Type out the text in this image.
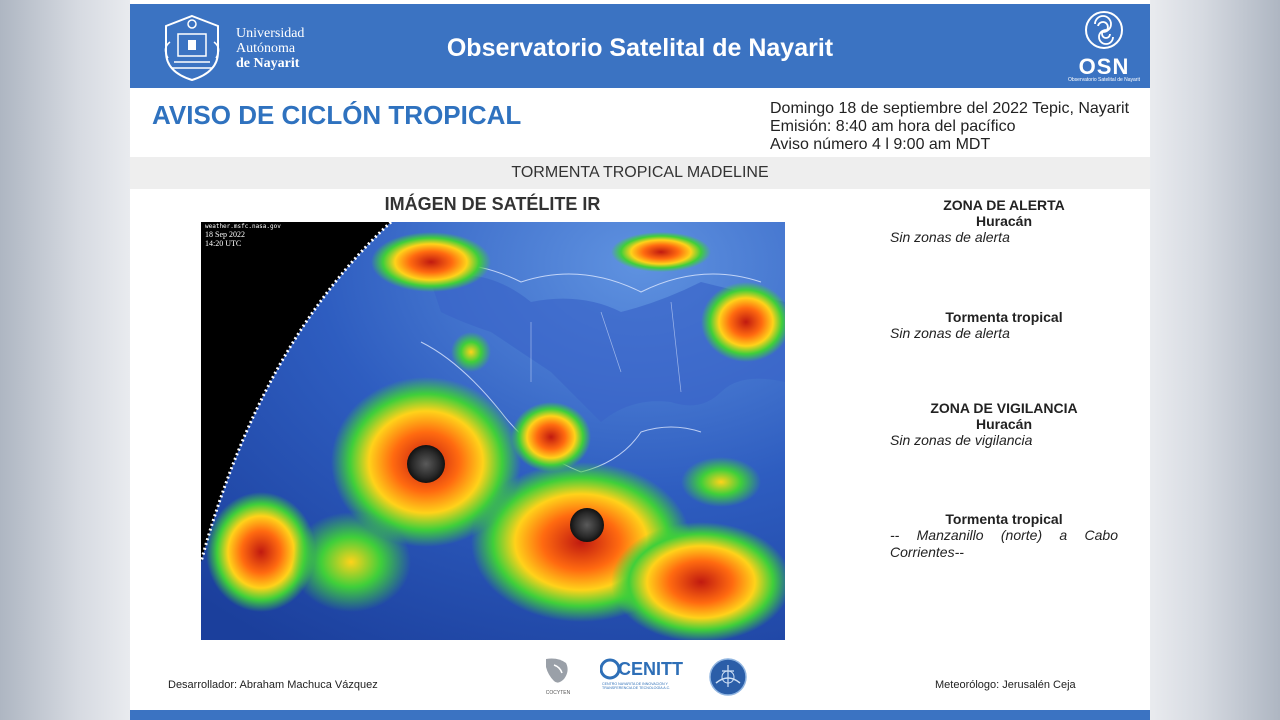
Universidad
Autónoma
de Nayarit
Observatorio Satelital de Nayarit
OSN
Observatorio Satelital de Nayarit
AVISO DE CICLÓN TROPICAL	Domingo 18 de septiembre del 2022 Tepic, Nayarit
Emisión: 8:40 am hora del pacífico
Aviso número 4 l 9:00 am MDT
TORMENTA TROPICAL MADELINE
IMÁGEN DE SATÉLITE IR
weather.msfc.nasa.gov
18 Sep 2022
14:20 UTC
ZONA DE ALERTA
Huracán
Sin zonas de alerta
Tormenta tropical
Sin zonas de alerta
ZONA DE VIGILANCIA
Huracán
Sin zonas de vigilancia
Tormenta tropical
-- Manzanillo (norte) a Cabo Corrientes--
Desarrollador: Abraham Machuca Vázquez	Meteorólogo: Jerusalén Ceja
COCYTEN
CENITT
CENTRO NAYARITA DE INNOVACIÓN Y TRANSFERENCIA DE TECNOLOGÍA A.C.
